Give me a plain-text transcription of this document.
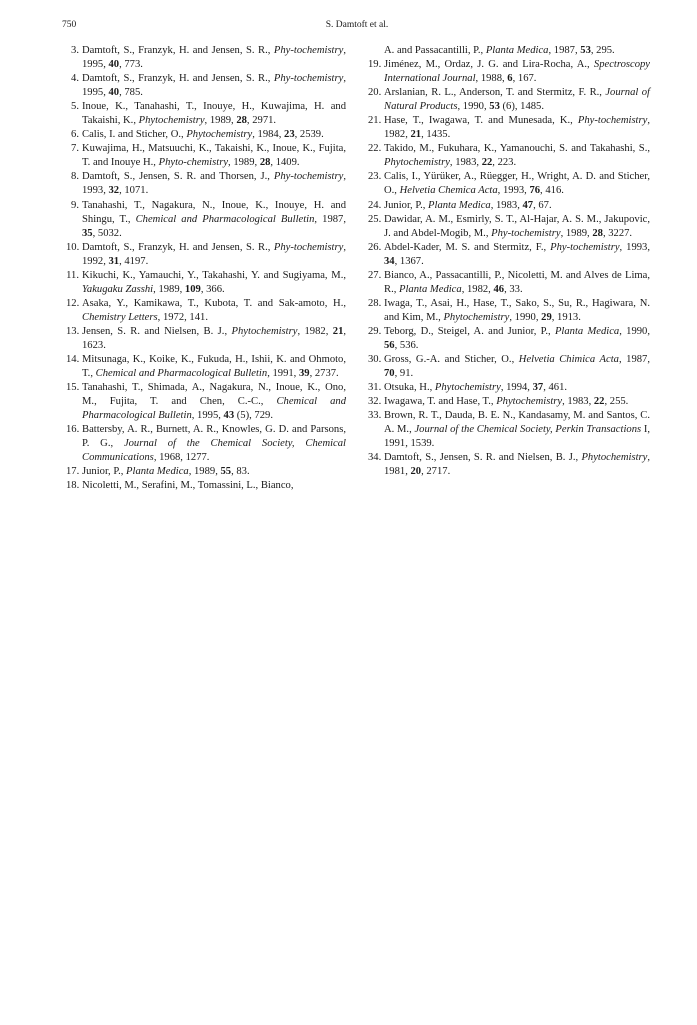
750	S. Damtoft et al.
3. Damtoft, S., Franzyk, H. and Jensen, S. R., Phy-tochemistry, 1995, 40, 773.
4. Damtoft, S., Franzyk, H. and Jensen, S. R., Phy-tochemistry, 1995, 40, 785.
5. Inoue, K., Tanahashi, T., Inouye, H., Kuwajima, H. and Takaishi, K., Phytochemistry, 1989, 28, 2971.
6. Calis, I. and Sticher, O., Phytochemistry, 1984, 23, 2539.
7. Kuwajima, H., Matsuuchi, K., Takaishi, K., Inoue, K., Fujita, T. and Inouye H., Phyto-chemistry, 1989, 28, 1409.
8. Damtoft, S., Jensen, S. R. and Thorsen, J., Phy-tochemistry, 1993, 32, 1071.
9. Tanahashi, T., Nagakura, N., Inoue, K., Inouye, H. and Shingu, T., Chemical and Pharmacological Bulletin, 1987, 35, 5032.
10. Damtoft, S., Franzyk, H. and Jensen, S. R., Phy-tochemistry, 1992, 31, 4197.
11. Kikuchi, K., Yamauchi, Y., Takahashi, Y. and Sugiyama, M., Yakugaku Zasshi, 1989, 109, 366.
12. Asaka, Y., Kamikawa, T., Kubota, T. and Sak-amoto, H., Chemistry Letters, 1972, 141.
13. Jensen, S. R. and Nielsen, B. J., Phytochemistry, 1982, 21, 1623.
14. Mitsunaga, K., Koike, K., Fukuda, H., Ishii, K. and Ohmoto, T., Chemical and Pharmacological Bulletin, 1991, 39, 2737.
15. Tanahashi, T., Shimada, A., Nagakura, N., Inoue, K., Ono, M., Fujita, T. and Chen, C.-C., Chemical and Pharmacological Bulletin, 1995, 43 (5), 729.
16. Battersby, A. R., Burnett, A. R., Knowles, G. D. and Parsons, P. G., Journal of the Chemical Society, Chemical Communications, 1968, 1277.
17. Junior, P., Planta Medica, 1989, 55, 83.
18. Nicoletti, M., Serafini, M., Tomassini, L., Bianco,
A. and Passacantilli, P., Planta Medica, 1987, 53, 295.
19. Jiménez, M., Ordaz, J. G. and Lira-Rocha, A., Spectroscopy International Journal, 1988, 6, 167.
20. Arslanian, R. L., Anderson, T. and Stermitz, F. R., Journal of Natural Products, 1990, 53 (6), 1485.
21. Hase, T., Iwagawa, T. and Munesada, K., Phy-tochemistry, 1982, 21, 1435.
22. Takido, M., Fukuhara, K., Yamanouchi, S. and Takahashi, S., Phytochemistry, 1983, 22, 223.
23. Calis, I., Yürüker, A., Rüegger, H., Wright, A. D. and Sticher, O., Helvetia Chemica Acta, 1993, 76, 416.
24. Junior, P., Planta Medica, 1983, 47, 67.
25. Dawidar, A. M., Esmirly, S. T., Al-Hajar, A. S. M., Jakupovic, J. and Abdel-Mogib, M., Phy-tochemistry, 1989, 28, 3227.
26. Abdel-Kader, M. S. and Stermitz, F., Phy-tochemistry, 1993, 34, 1367.
27. Bianco, A., Passacantilli, P., Nicoletti, M. and Alves de Lima, R., Planta Medica, 1982, 46, 33.
28. Iwaga, T., Asai, H., Hase, T., Sako, S., Su, R., Hagiwara, N. and Kim, M., Phytochemistry, 1990, 29, 1913.
29. Teborg, D., Steigel, A. and Junior, P., Planta Medica, 1990, 56, 536.
30. Gross, G.-A. and Sticher, O., Helvetia Chimica Acta, 1987, 70, 91.
31. Otsuka, H., Phytochemistry, 1994, 37, 461.
32. Iwagawa, T. and Hase, T., Phytochemistry, 1983, 22, 255.
33. Brown, R. T., Dauda, B. E. N., Kandasamy, M. and Santos, C. A. M., Journal of the Chemical Society, Perkin Transactions I, 1991, 1539.
34. Damtoft, S., Jensen, S. R. and Nielsen, B. J., Phytochemistry, 1981, 20, 2717.
